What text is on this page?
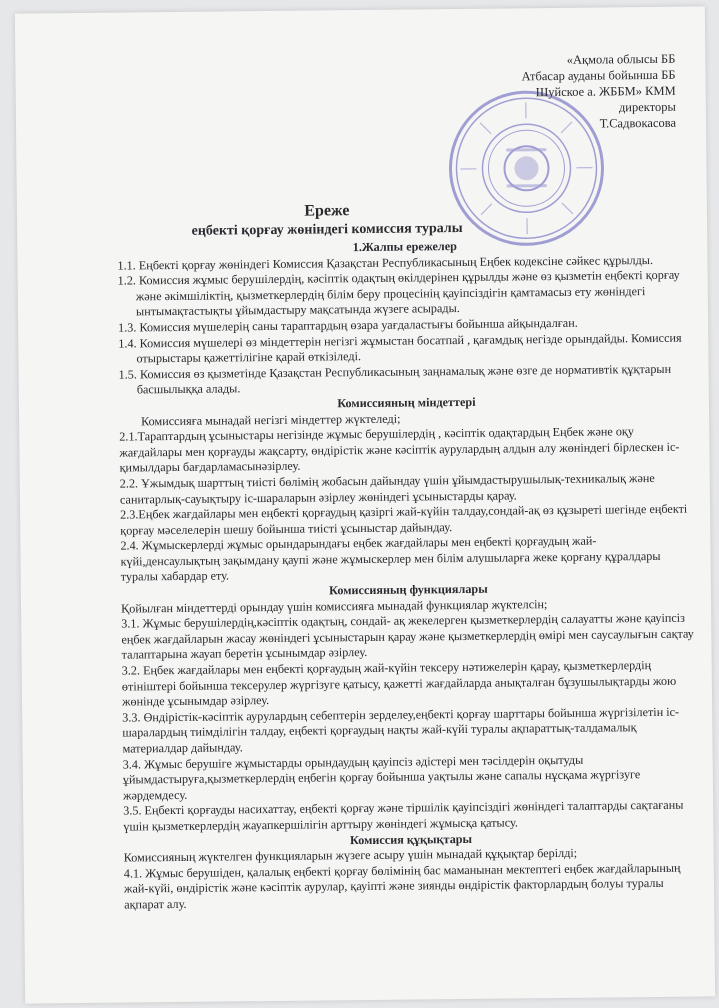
«Ақмола облысы ББ
Атбасар ауданы бойынша ББ
Шуйское а. ЖББМ» КММ
директоры
Т.Садвокасова
Ереже
еңбекті қорғау жөніндегі комиссия туралы

1.Жалпы ережелер

1.1. Еңбекті қорғау жөніндегі Комиссия Қазақстан Республикасының Еңбек кодексіне сәйкес құрылды.

1.2. Комиссия жұмыс берушілердің, кәсіптік одақтың өкілдерінен құрылды және өз қызметін еңбекті қорғау және әкімшіліктің, қызметкерлердің білім беру процесінің қауіпсіздігін қамтамасыз ету жөніндегі ынтымақтастықты ұйымдастыру мақсатында жүзеге асырады.

1.3. Комиссия мүшелерің саны тараптардың өзара уағдаластығы бойынша айқындалған.

1.4. Комиссия мүшелері өз міндеттерін негізгі жұмыстан босатпай , қағамдық негізде орындайды. Комиссия отырыстары қажеттілігіне қарай өткізіледі.

1.5. Комиссия өз қызметінде Қазақстан Республикасының заңнамалық және өзге де нормативтік құқтарын басшылыққа алады.

Комиссияның міндеттері

Комиссияға мынадай негізгі міндеттер жүктеледі;

2.1.Тараптардың ұсыныстары негізінде жұмыс берушілердің , кәсіптік одақтардың Еңбек және оқу жағдайлары мен қорғауды жақсарту, өндірістік және кәсіптік аурулардың алдын алу жөніндегі бірлескен іс- қимылдары бағдарламасынəзірлеу.

2.2. Ұжымдық шарттың тиісті бөлімің жобасын дайындау үшін ұйымдастырушылық-техникалық және санитарлық-сауықтыру іс-шараларын әзірлеу жөніндегі ұсыныстарды қарау.

2.3.Еңбек жағдайлары мен еңбекті қорғаудың қазіргі жай-күйін талдау,сондай-ақ өз құзыреті шегінде еңбекті қорғау мәселелерін шешу бойынша тиісті ұсыныстар дайындау.

2.4. Жұмыскерлерді жұмыс орындарындағы еңбек жағдайлары мен еңбекті қорғаудың жай-күйі,денсаулықтың зақымдану қаупі және жұмыскерлер мен білім алушыларға жеке қорғану құралдары туралы хабардар ету.

Комиссияның функциялары

Қойылған міндеттерді орындау үшін комиссияға мынадай функциялар жүктелсін;

3.1. Жұмыс берушілердің,кәсіптік одақтың, сондай- ақ жекелерген қызметкерлердің салауатты және қауіпсіз еңбек жағдайларын жасау жөніндегі ұсыныстарын қарау және қызметкерлердің өмірі мен саусаулығын сақтау талаптарына жауап беретін ұсынымдар әзірлеу.

3.2. Еңбек жағдайлары мен еңбекті қорғаудың жай-күйін тексеру нәтижелерін қарау, қызметкерлердің өтініштері бойынша тексерулер жүргізуге қатысу, қажетті жағдайларда анықталған бұзушылықтарды жою жөнінде ұсынымдар әзірлеу.

3.3. Өндірістік-кәсіптік аурулардың себептерін зерделеу,еңбекті қорғау шарттары бойынша жүргізілетін іс-шаралардың тиімділігін талдау, еңбекті қорғаудың нақты жай-күйі туралы ақпараттық-талдамалық материалдар дайындау.

3.4. Жұмыс берушіге жұмыстарды орындаудың қауіпсіз әдістері мен тәсілдерін оқытуды ұйымдастыруға,қызметкерлердің еңбегін қорғау бойынша уақтылы және сапалы нұсқама жүргізуге жәрдемдесу.

3.5. Еңбекті қорғауды насихаттау, еңбекті қорғау және тіршілік қауіпсіздігі жөніндегі талаптарды сақтағаны үшін қызметкерлердің жауапкершілігін арттыру жөніндегі жұмысқа қатысу.

Комиссия құқықтары

Комиссияның жүктелген функцияларын жүзеге асыру үшін мынадай құқықтар берілді;

4.1. Жұмыс берушіден, қалалық еңбекті қорғау бөлімінің бас маманынан мектептегі еңбек жағдайларының жай-күйі, өндірістік және кәсіптік аурулар, қауіпті және зиянды өндірістік факторлардың болуы туралы ақпарат алу.
